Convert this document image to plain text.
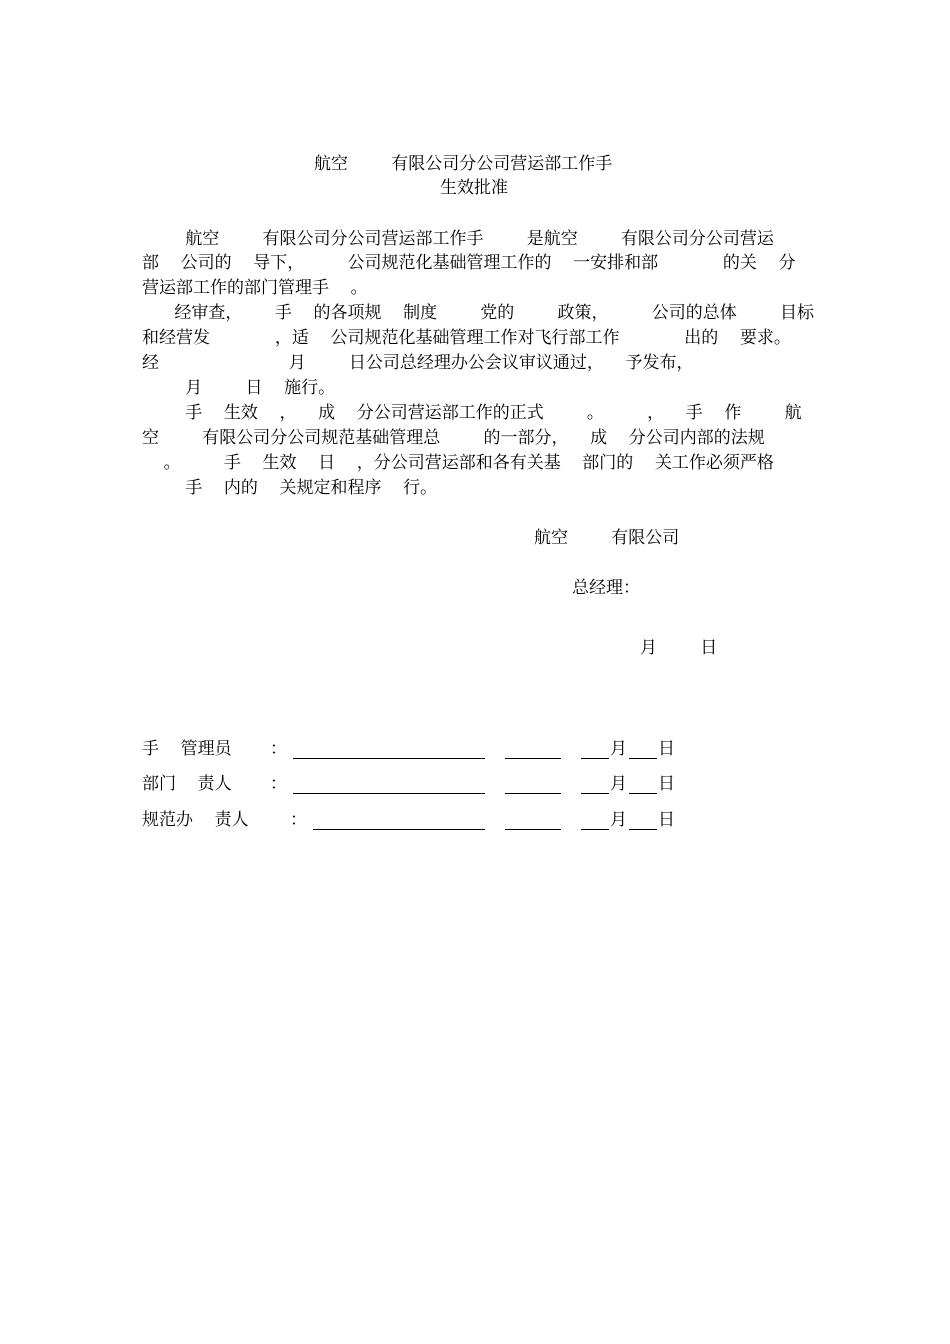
航空        有限公司分公司营运部工作手
生效批准
航空        有限公司分公司营运部工作手        是航空        有限公司分公司营运
部    公司的    导下，        公司规范化基础管理工作的    一安排和部            的关    分
营运部工作的部门管理手    。
经审查，      手    的各项规    制度        党的        政策，        公司的总体        目标
和经营发            ，适    公司规范化基础管理工作对飞行部工作            出的    要求。
经                        月        日公司总经理办公会议审议通过，    予发布，
月        日    施行。
手    生效    ，    成    分公司营运部工作的正式        。        ，    手    作        航
空        有限公司分公司规范基础管理总        的一部分，    成    分公司内部的法规
。        手    生效    日    ，分公司营运部和各有关基    部门的    关工作必须严格
手    内的    关规定和程序    行。
航空        有限公司
总经理：
月        日
手    管理员 ：	月 日
部门    责人 ：	月 日
规范办    责人 ：	月 日
